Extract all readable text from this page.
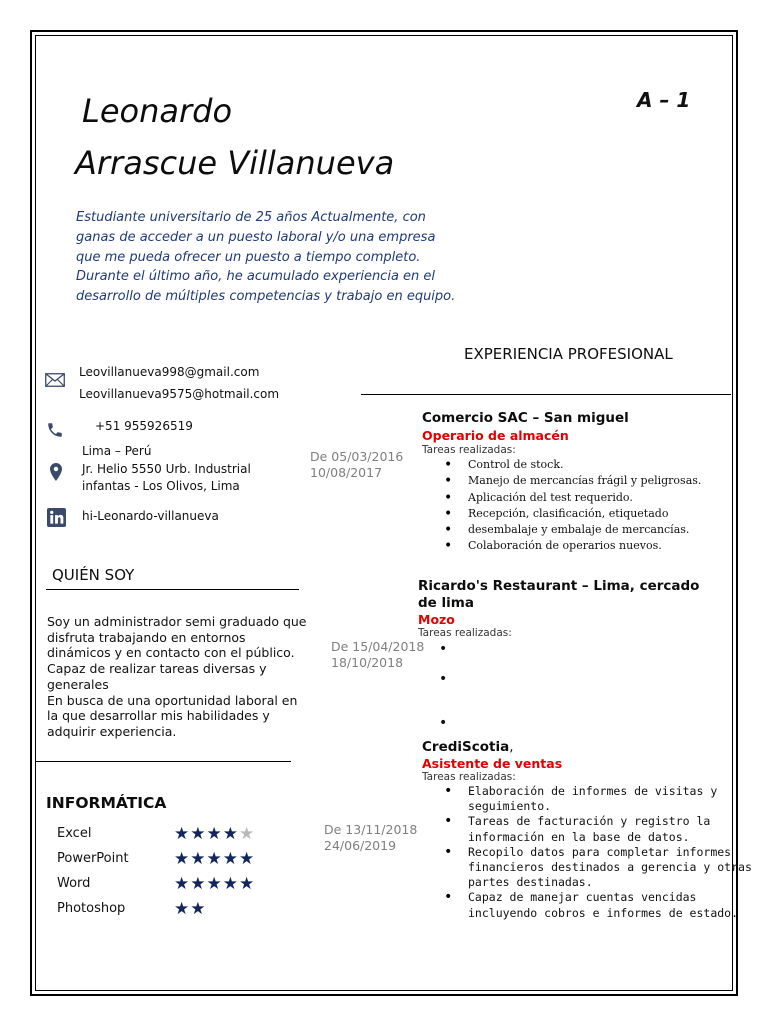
Leonardo
Arrascue Villanueva
A – 1
Estudiante universitario de 25 años Actualmente, con ganas de acceder a un puesto laboral y/o una empresa que me pueda ofrecer un puesto a tiempo completo. Durante el último año, he acumulado experiencia en el desarrollo de múltiples competencias y trabajo en equipo.
Leovillanueva998@gmail.com
Leovillanueva9575@hotmail.com
+51 955926519
Lima – Perú
Jr. Helio 5550 Urb. Industrial
infantas - Los Olivos, Lima
hi-Leonardo-villanueva
QUIÉN SOY
Soy un administrador semi graduado que disfruta trabajando en entornos dinámicos y en contacto con el público. Capaz de realizar tareas diversas y generales
En busca de una oportunidad laboral en la que desarrollar mis habilidades y adquirir experiencia.
INFORMÁTICA
Excel	★★★★★
PowerPoint	★★★★★
Word	★★★★★
Photoshop	★★
EXPERIENCIA PROFESIONAL
De 05/03/2016
10/08/2017
Comercio SAC – San miguel
Operario de almacén
Tareas realizadas:
• Control de stock.
• Manejo de mercancías frágil y peligrosas.
• Aplicación del test requerido.
• Recepción, clasificación, etiquetado
• desembalaje y embalaje de mercancías.
• Colaboración de operarios nuevos.
De 15/04/2018
18/10/2018
Ricardo's Restaurant – Lima, cercado de lima
Mozo
Tareas realizadas:
•
•
•
De 13/11/2018
24/06/2019
CrediScotia,
Asistente de ventas
Tareas realizadas:
• Elaboración de informes de visitas y seguimiento.
• Tareas de facturación y registro la información en la base de datos.
• Recopilo datos para completar informes financieros destinados a gerencia y otras partes destinadas.
• Capaz de manejar cuentas vencidas incluyendo cobros e informes de estado.
